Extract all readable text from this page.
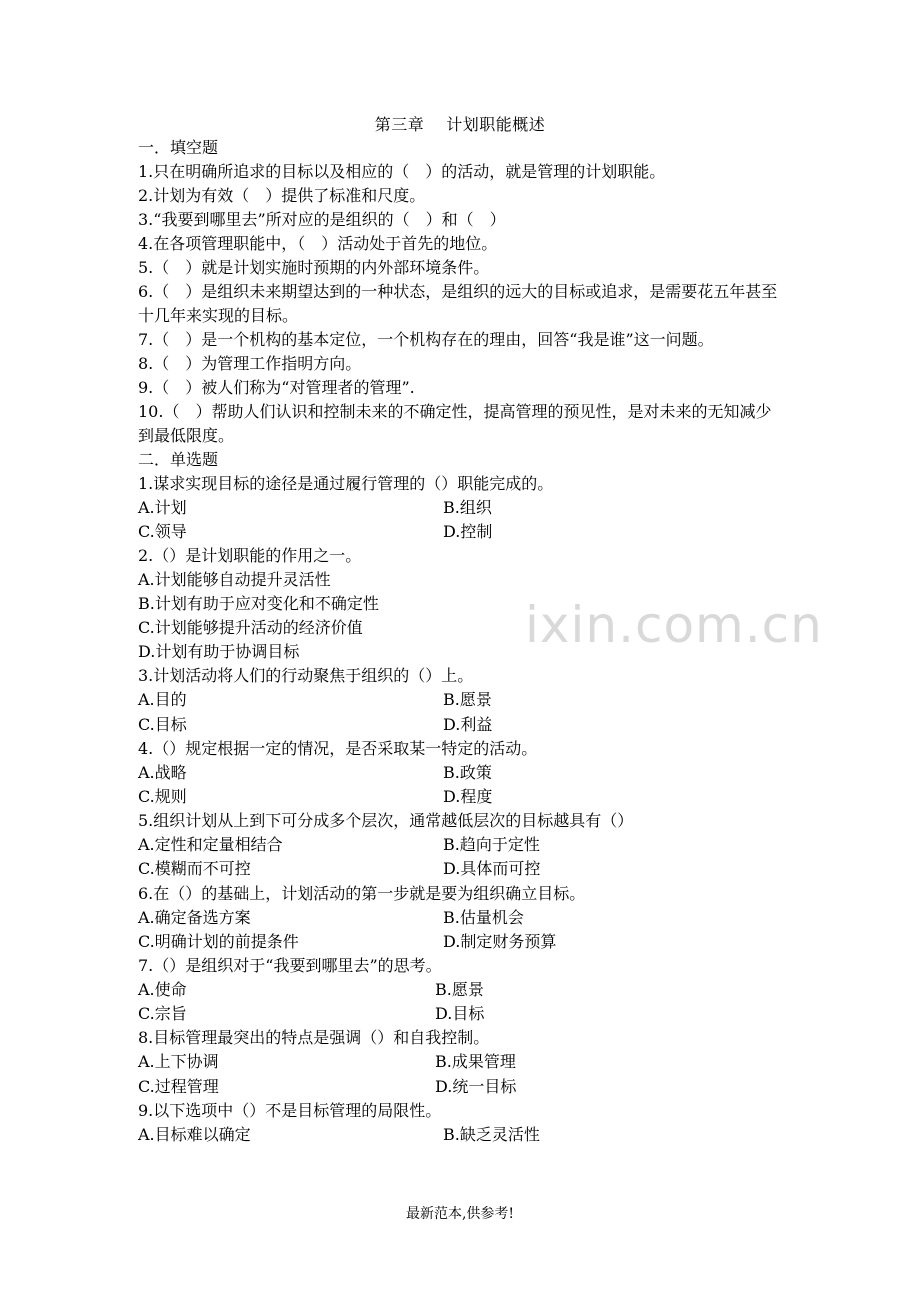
第三章 计划职能概述
ixin.com.cn
一．填空题
1.只在明确所追求的目标以及相应的（　）的活动，就是管理的计划职能。
2.计划为有效（　）提供了标准和尺度。
3.“我要到哪里去”所对应的是组织的（　）和（　）
4.在各项管理职能中，（　）活动处于首先的地位。
5.（　）就是计划实施时预期的内外部环境条件。
6.（　）是组织未来期望达到的一种状态，是组织的远大的目标或追求，是需要花五年甚至十几年来实现的目标。
7.（　）是一个机构的基本定位，一个机构存在的理由，回答“我是谁”这一问题。
8.（　）为管理工作指明方向。
9.（　）被人们称为“对管理者的管理”.
10.（　）帮助人们认识和控制未来的不确定性，提高管理的预见性，是对未来的无知减少到最低限度。
二．单选题
1.谋求实现目标的途径是通过履行管理的（）职能完成的。
A.计划	B.组织
C.领导	D.控制
2.（）是计划职能的作用之一。
A.计划能够自动提升灵活性
B.计划有助于应对变化和不确定性
C.计划能够提升活动的经济价值
D.计划有助于协调目标
3.计划活动将人们的行动聚焦于组织的（）上。
A.目的	B.愿景
C.目标	D.利益
4.（）规定根据一定的情况，是否采取某一特定的活动。
A.战略	B.政策
C.规则	D.程度
5.组织计划从上到下可分成多个层次，通常越低层次的目标越具有（）
A.定性和定量相结合	B.趋向于定性
C.模糊而不可控	D.具体而可控
6.在（）的基础上，计划活动的第一步就是要为组织确立目标。
A.确定备选方案	B.估量机会
C.明确计划的前提条件	D.制定财务预算
7.（）是组织对于“我要到哪里去”的思考。
A.使命	B.愿景
C.宗旨	D.目标
8.目标管理最突出的特点是强调（）和自我控制。
A.上下协调	B.成果管理
C.过程管理	D.统一目标
9.以下选项中（）不是目标管理的局限性。
A.目标难以确定	B.缺乏灵活性
最新范本,供参考!
